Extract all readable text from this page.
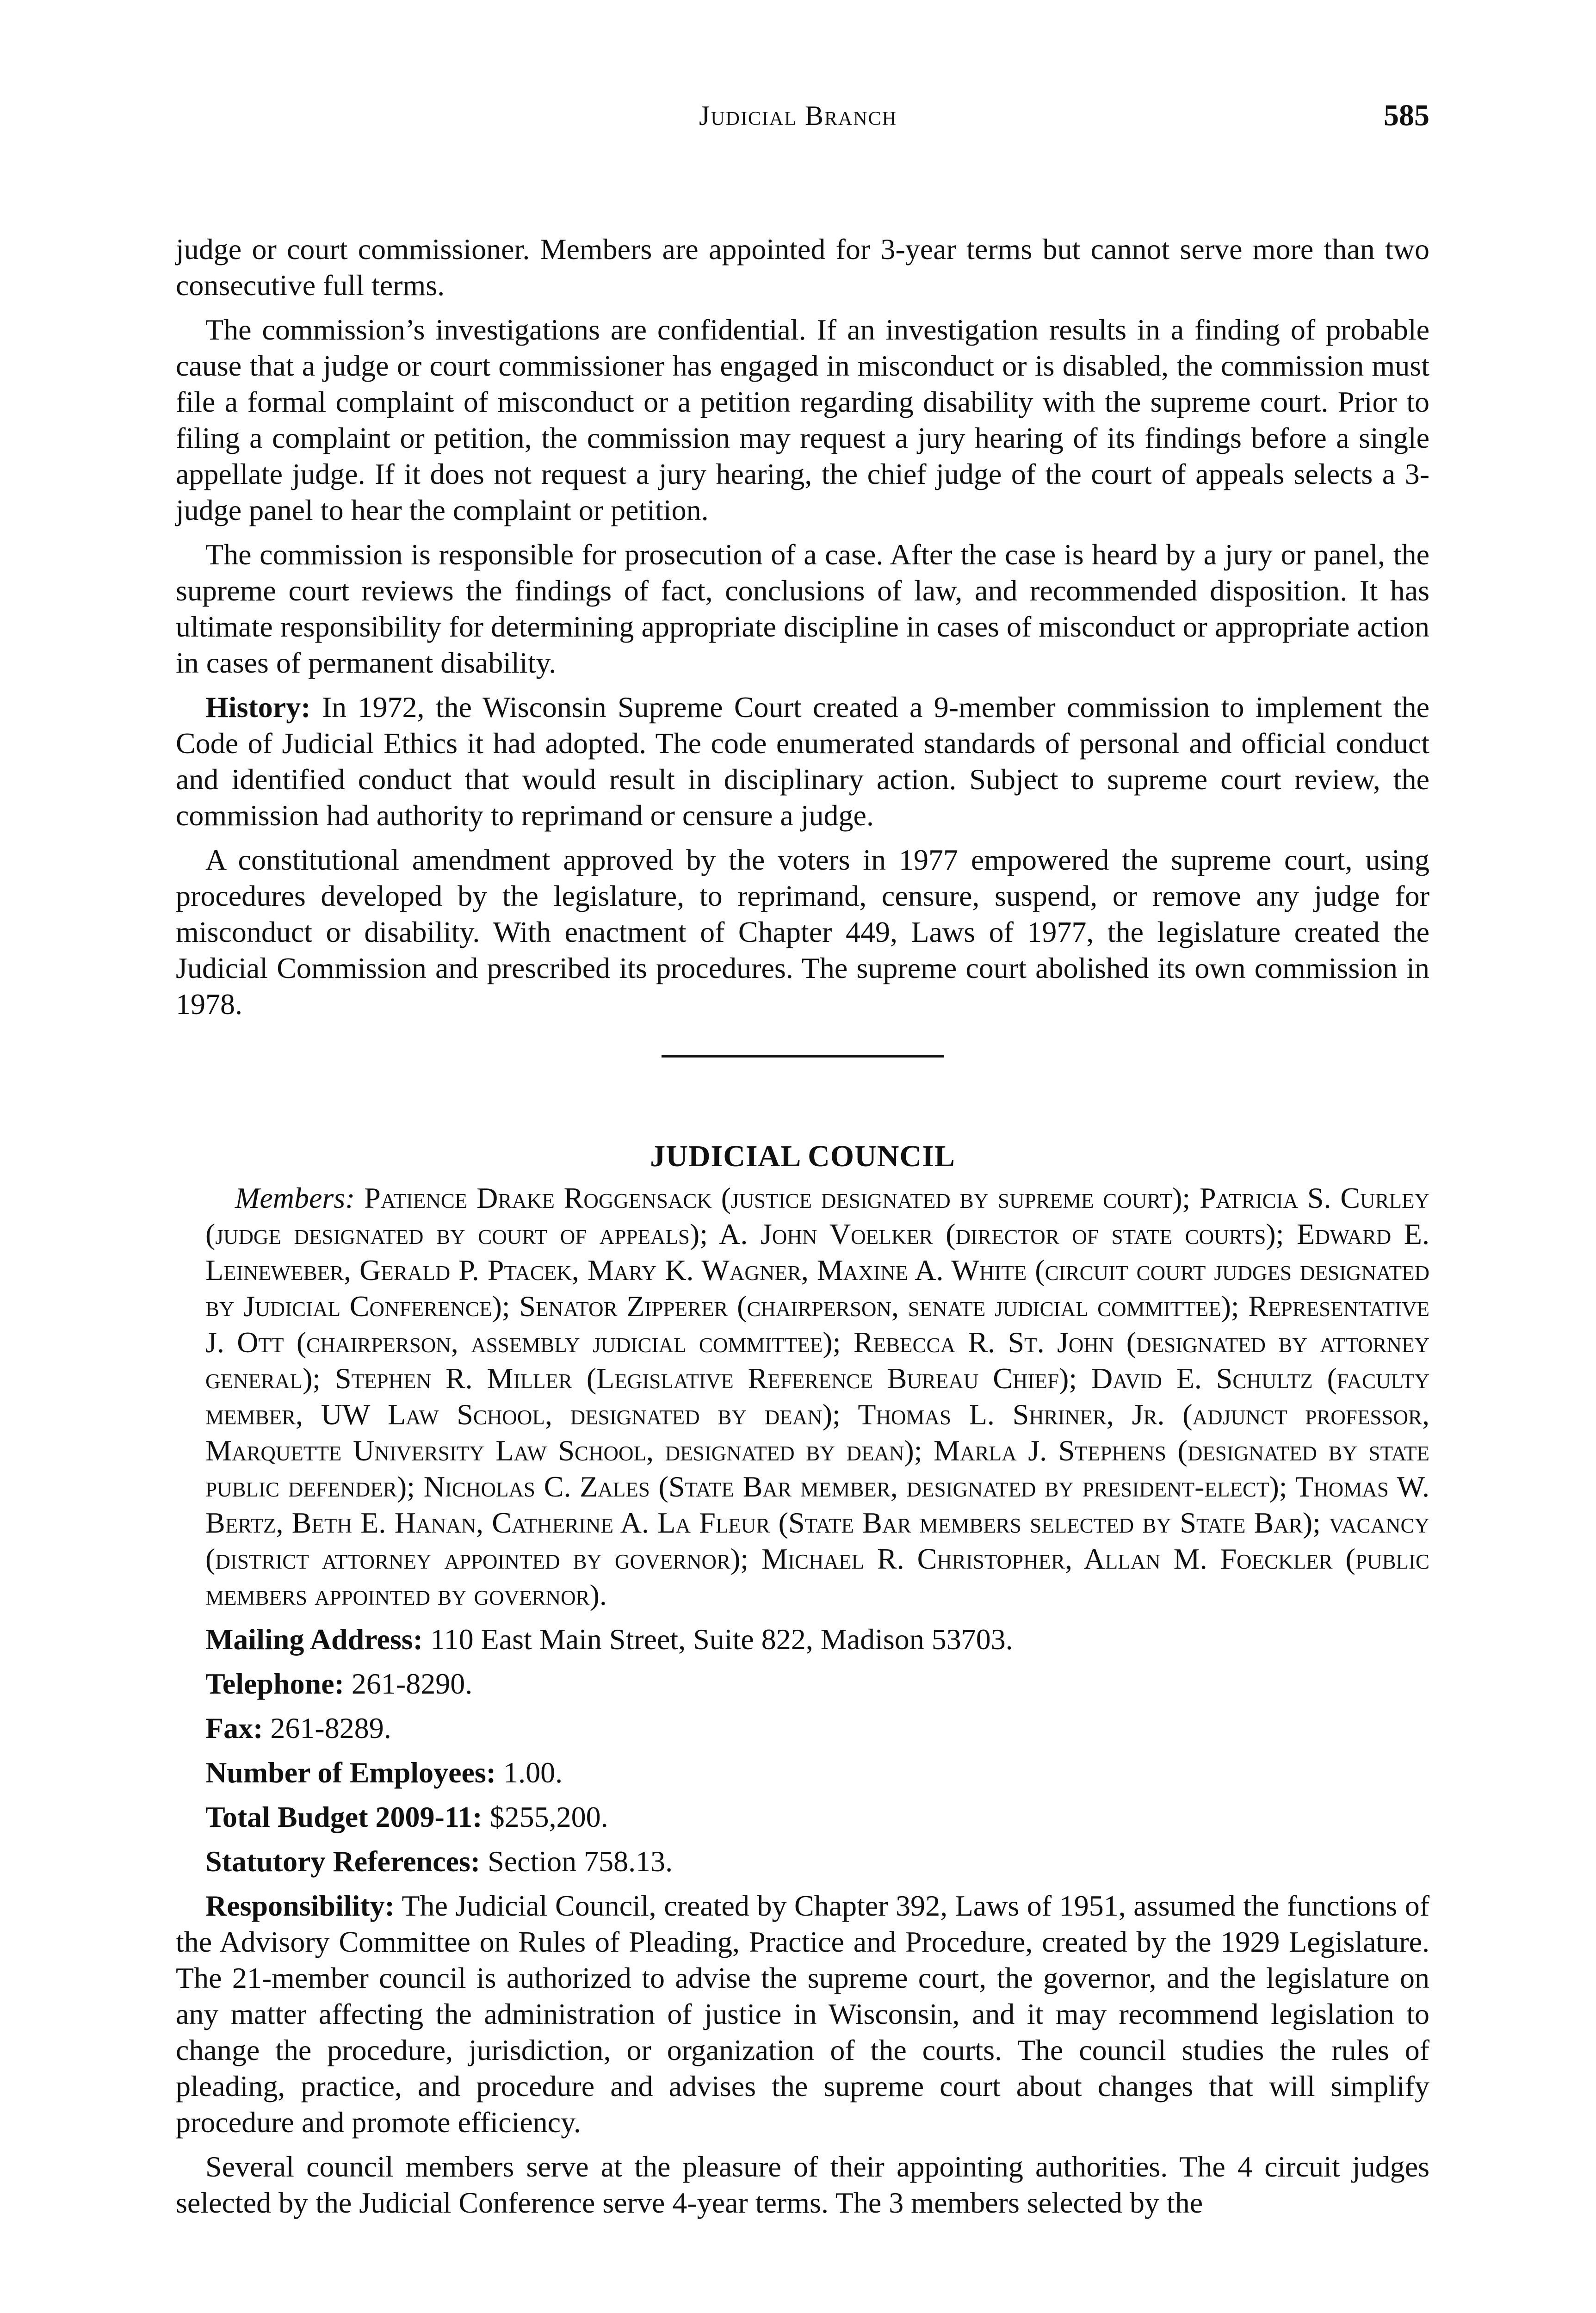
Judicial Branch	585

judge or court commissioner. Members are appointed for 3-year terms but cannot serve more than two consecutive full terms.

The commission’s investigations are confidential. If an investigation results in a finding of probable cause that a judge or court commissioner has engaged in misconduct or is disabled, the commission must file a formal complaint of misconduct or a petition regarding disability with the supreme court. Prior to filing a complaint or petition, the commission may request a jury hearing of its findings before a single appellate judge. If it does not request a jury hearing, the chief judge of the court of appeals selects a 3-judge panel to hear the complaint or petition.

The commission is responsible for prosecution of a case. After the case is heard by a jury or panel, the supreme court reviews the findings of fact, conclusions of law, and recommended disposition. It has ultimate responsibility for determining appropriate discipline in cases of misconduct or appropriate action in cases of permanent disability.

History: In 1972, the Wisconsin Supreme Court created a 9-member commission to implement the Code of Judicial Ethics it had adopted. The code enumerated standards of personal and official conduct and identified conduct that would result in disciplinary action. Subject to supreme court review, the commission had authority to reprimand or censure a judge.

A constitutional amendment approved by the voters in 1977 empowered the supreme court, using procedures developed by the legislature, to reprimand, censure, suspend, or remove any judge for misconduct or disability. With enactment of Chapter 449, Laws of 1977, the legislature created the Judicial Commission and prescribed its procedures. The supreme court abolished its own commission in 1978.

JUDICIAL COUNCIL

Members: Patience Drake Roggensack (justice designated by supreme court); Patricia S. Curley (judge designated by court of appeals); A. John Voelker (director of state courts); Edward E. Leineweber, Gerald P. Ptacek, Mary K. Wagner, Maxine A. White (circuit court judges designated by Judicial Conference); Senator Zipperer (chairperson, senate judicial committee); Representative J. Ott (chairperson, assembly judicial committee); Rebecca R. St. John (designated by attorney general); Stephen R. Miller (Legislative Reference Bureau Chief); David E. Schultz (faculty member, UW Law School, designated by dean); Thomas L. Shriner, Jr. (adjunct professor, Marquette University Law School, designated by dean); Marla J. Stephens (designated by state public defender); Nicholas C. Zales (State Bar member, designated by president-elect); Thomas W. Bertz, Beth E. Hanan, Catherine A. La Fleur (State Bar members selected by State Bar); vacancy (district attorney appointed by governor); Michael R. Christopher, Allan M. Foeckler (public members appointed by governor).

Mailing Address: 110 East Main Street, Suite 822, Madison 53703.

Telephone: 261-8290.

Fax: 261-8289.

Number of Employees: 1.00.

Total Budget 2009-11: $255,200.

Statutory References: Section 758.13.

Responsibility: The Judicial Council, created by Chapter 392, Laws of 1951, assumed the functions of the Advisory Committee on Rules of Pleading, Practice and Procedure, created by the 1929 Legislature. The 21-member council is authorized to advise the supreme court, the governor, and the legislature on any matter affecting the administration of justice in Wisconsin, and it may recommend legislation to change the procedure, jurisdiction, or organization of the courts. The council studies the rules of pleading, practice, and procedure and advises the supreme court about changes that will simplify procedure and promote efficiency.

Several council members serve at the pleasure of their appointing authorities. The 4 circuit judges selected by the Judicial Conference serve 4-year terms. The 3 members selected by the
